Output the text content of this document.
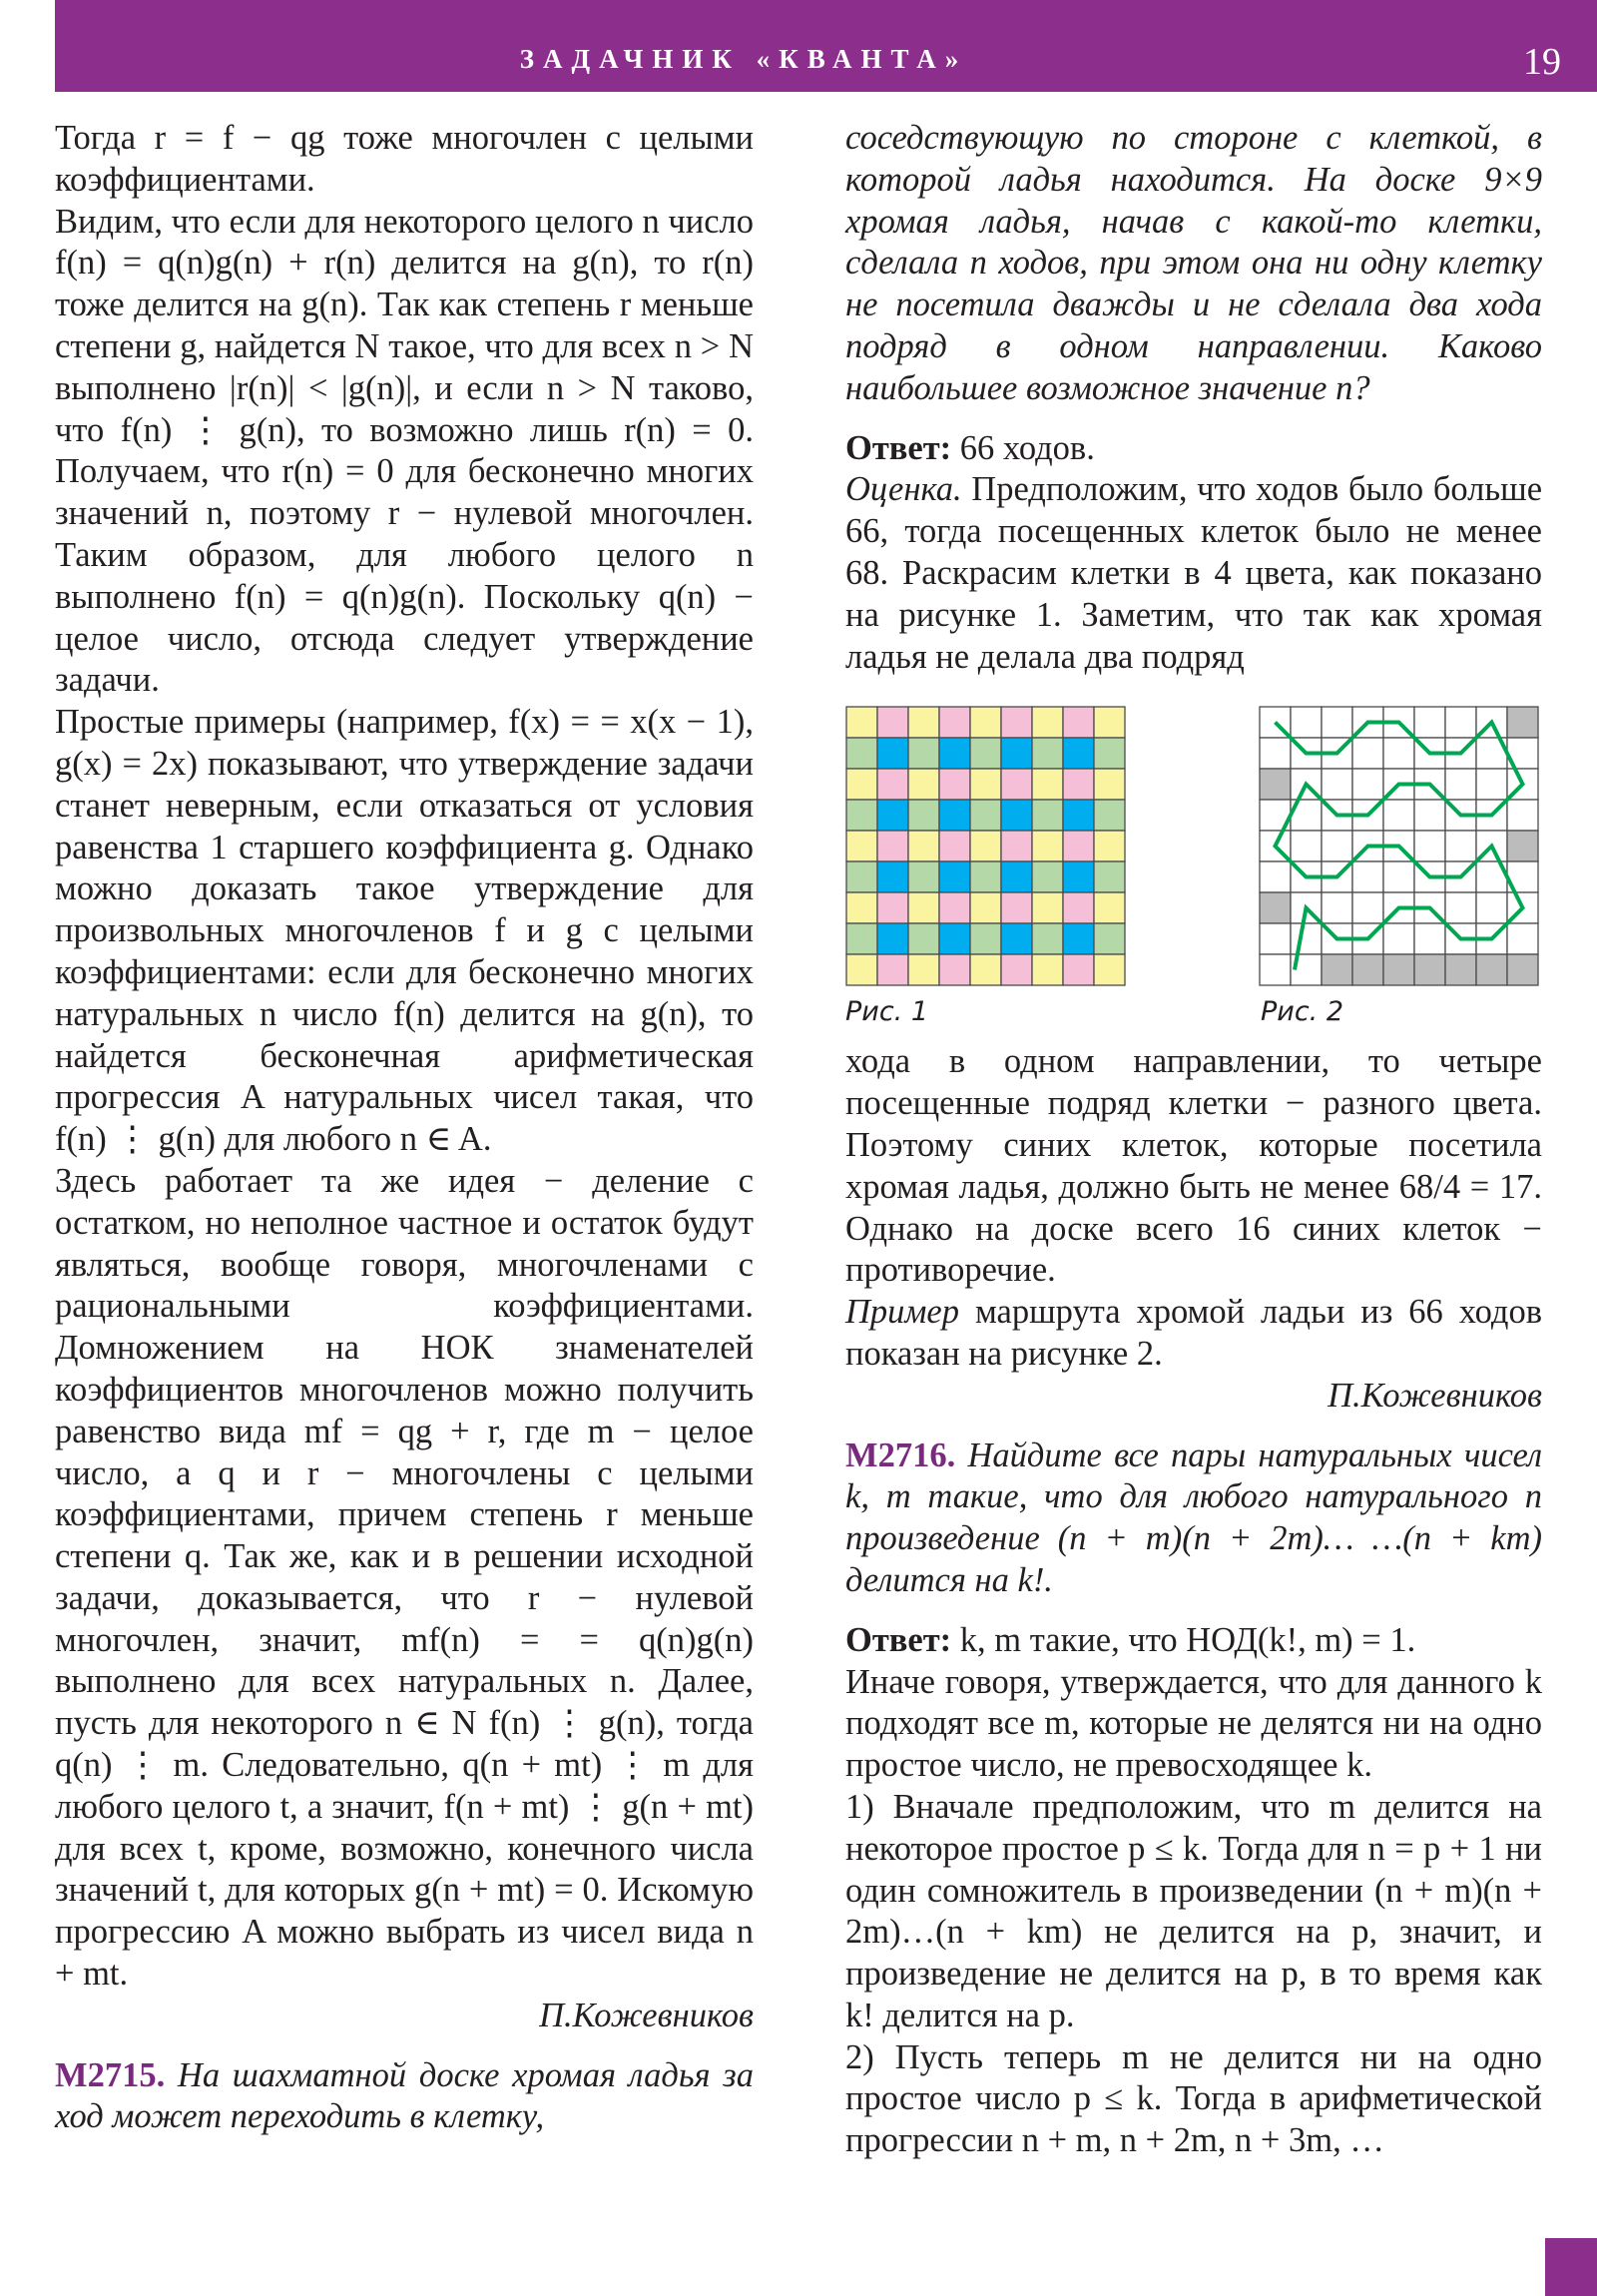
ЗАДАЧНИК «КВАНТА»	19

Тогда r = f − qg тоже многочлен с целыми коэффициентами.

Видим, что если для некоторого целого n число f(n) = q(n)g(n) + r(n) делится на g(n), то r(n) тоже делится на g(n). Так как степень r меньше степени g, найдется N такое, что для всех n > N выполнено |r(n)| < |g(n)|, и если n > N таково, что f(n) ⋮ g(n), то возможно лишь r(n) = 0. Получаем, что r(n) = 0 для бесконечно многих значений n, поэтому r − нулевой многочлен. Таким образом, для любого целого n выполнено f(n) = q(n)g(n). Поскольку q(n) − целое число, отсюда следует утверждение задачи.

Простые примеры (например, f(x) = = x(x − 1), g(x) = 2x) показывают, что утверждение задачи станет неверным, если отказаться от условия равенства 1 старшего коэффициента g. Однако можно доказать такое утверждение для произвольных многочленов f и g с целыми коэффициентами: если для бесконечно многих натуральных n число f(n) делится на g(n), то найдется бесконечная арифметическая прогрессия A натуральных чисел такая, что f(n) ⋮ g(n) для любого n ∈ A.

Здесь работает та же идея − деление с остатком, но неполное частное и остаток будут являться, вообще говоря, многочленами с рациональными коэффициентами. Домножением на НОК знаменателей коэффициентов многочленов можно получить равенство вида mf = qg + r, где m − целое число, а q и r − многочлены с целыми коэффициентами, причем степень r меньше степени q. Так же, как и в решении исходной задачи, доказывается, что r − нулевой многочлен, значит, mf(n) = = q(n)g(n) выполнено для всех натуральных n. Далее, пусть для некоторого n ∈ N f(n) ⋮ g(n), тогда q(n) ⋮ m. Следовательно, q(n + mt) ⋮ m для любого целого t, а значит, f(n + mt) ⋮ g(n + mt) для всех t, кроме, возможно, конечного числа значений t, для которых g(n + mt) = 0. Искомую прогрессию A можно выбрать из чисел вида n + mt.

П.Кожевников

M2715. На шахматной доске хромая ладья за ход может переходить в клетку,

соседствующую по стороне с клеткой, в которой ладья находится. На доске 9×9 хромая ладья, начав с какой-то клетки, сделала n ходов, при этом она ни одну клетку не посетила дважды и не сделала два хода подряд в одном направлении. Каково наибольшее возможное значение n?

Ответ: 66 ходов.

Оценка. Предположим, что ходов было больше 66, тогда посещенных клеток было не менее 68. Раскрасим клетки в 4 цвета, как показано на рисунке 1. Заметим, что так как хромая ладья не делала два подряд

Рис. 1	Рис. 2

хода в одном направлении, то четыре посещенные подряд клетки − разного цвета. Поэтому синих клеток, которые посетила хромая ладья, должно быть не менее 68/4 = 17. Однако на доске всего 16 синих клеток − противоречие.

Пример маршрута хромой ладьи из 66 ходов показан на рисунке 2.

П.Кожевников

M2716. Найдите все пары натуральных чисел k, m такие, что для любого натурального n произведение (n + m)(n + 2m)… …(n + km) делится на k!.

Ответ: k, m такие, что НОД(k!, m) = 1.

Иначе говоря, утверждается, что для данного k подходят все m, которые не делятся ни на одно простое число, не превосходящее k.

1) Вначале предположим, что m делится на некоторое простое p ≤ k. Тогда для n = p + 1 ни один сомножитель в произведении (n + m)(n + 2m)…(n + km) не делится на p, значит, и произведение не делится на p, в то время как k! делится на p.

2) Пусть теперь m не делится ни на одно простое число p ≤ k. Тогда в арифметической прогрессии n + m, n + 2m, n + 3m, …
